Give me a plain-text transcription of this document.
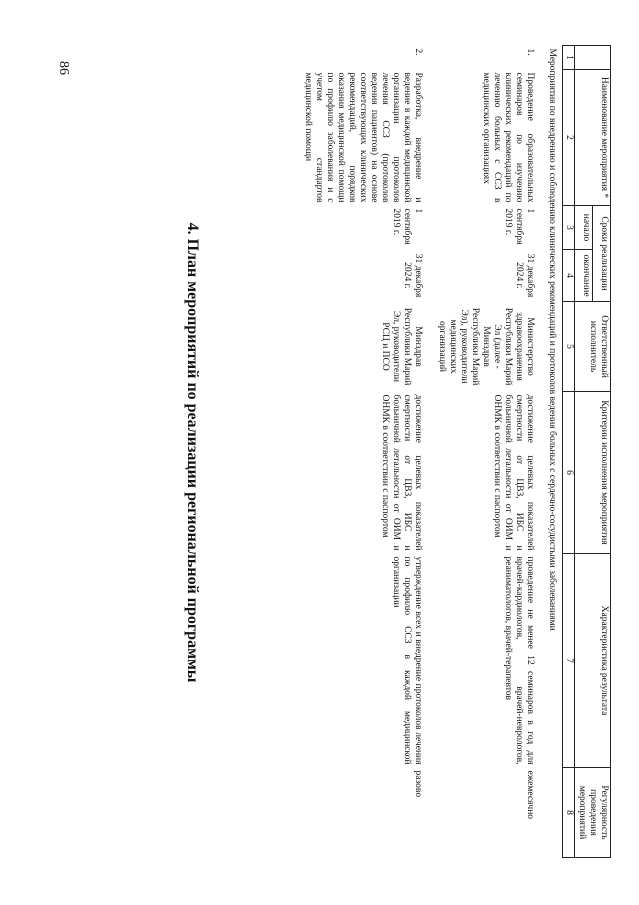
86
	Наименование мероприятия *	Сроки реализации		Ответственный исполнитель	Критерии исполнения мероприятия	Характеристика результата	Регулярность проведения мероприятий
		начало	окончание				
1	2	3	4	5	6	7	8
Мероприятия по внедрению и соблюдению клинических рекомендаций и протоколов ведения больных с сердечно-сосудистыми заболеваниями							
1.	Проведение образовательных семинаров по изучению клинических рекомендаций по лечению больных с ССЗ в медицинских организациях	1 сентября 2019 г.	31 декабря 2024 г.	Министерство здравоохранения Республики Марий Эл (далее - Минздрав Республики Марий Эл), руководители медицинских организаций	достижение целевых показателей смертности от ЦВЗ, ИБС и больничной летальности от ОИМ и ОНМК в соответствии с паспортом	проведение не менее 12 семинаров в год для врачей-кардиологов, врачей-неврологов, реаниматологов, врачей-терапевтов	ежемесячно
2.	Разработка, внедрение и ведение в каждой медицинской организации протоколов лечения ССЗ (протоколов ведения пациентов) на основе соответствующих клинических рекомендаций, порядков оказания медицинской помощи по профилю заболевания и с учетом стандартов медицинской помощи	1 сентября 2019 г.	31 декабря 2024 г.	Минздрав Республики Марий Эл, руководители РСЦ и ПСО	достижение целевых показателей смертности от ЦВЗ, ИБС и больничной летальности от ОИМ и ОНМК в соответствии с паспортом	утверждение всех и внедрение протоколов лечения по профилю ССЗ в каждой медицинской организации	разово
4. План мероприятий по реализации региональной программы
